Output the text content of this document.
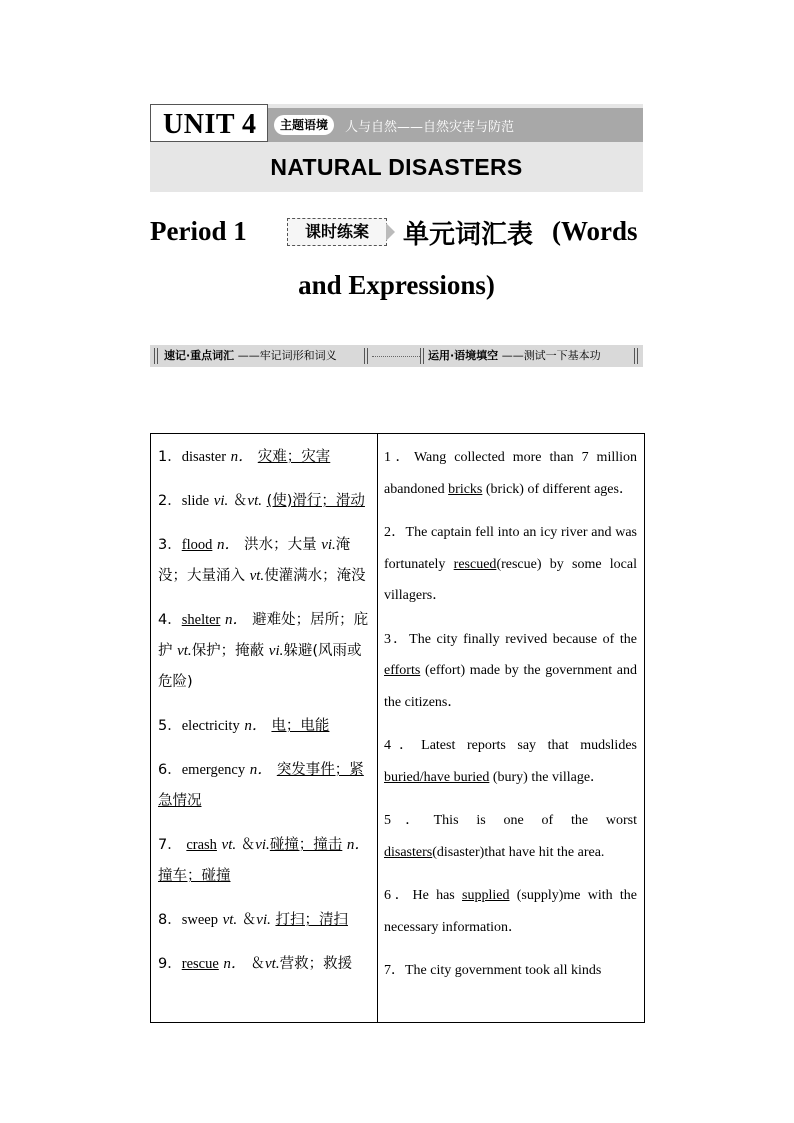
UNIT 4	主题语境	人与自然——自然灾害与防范
NATURAL DISASTERS
Period 1	课时练案	单元词汇表 (Words
and Expressions)
速记·重点词汇 ——牢记词形和词义	运用·语境填空 ——测试一下基本功
1．disaster n． 灾难；灾害
2．slide vi. ＆vt. (使)滑行；滑动
3．flood n． 洪水；大量 vi.淹没；大量涌入 vt.使灌满水；淹没
4．shelter n． 避难处；居所；庇护 vt.保护；掩蔽 vi.躲避(风雨或危险)
5．electricity n． 电；电能
6．emergency n． 突发事件；紧急情况
7． crash vt. ＆vi.碰撞；撞击 n．撞车；碰撞
8．sweep vt. ＆vi. 打扫；清扫
9．rescue n． ＆vt.营救；救援

1．Wang collected more than 7 million abandoned bricks (brick) of different ages．
2．The captain fell into an icy river and was fortunately rescued(rescue) by some local villagers．
3．The city finally revived because of the efforts (effort) made by the government and the citizens．
4．Latest reports say that mudslides buried/have buried (bury) the village．
5．This is one of the worst disasters(disaster)that have hit the area.
6．He has supplied (supply)me with the necessary information．
7．The city government took all kinds
